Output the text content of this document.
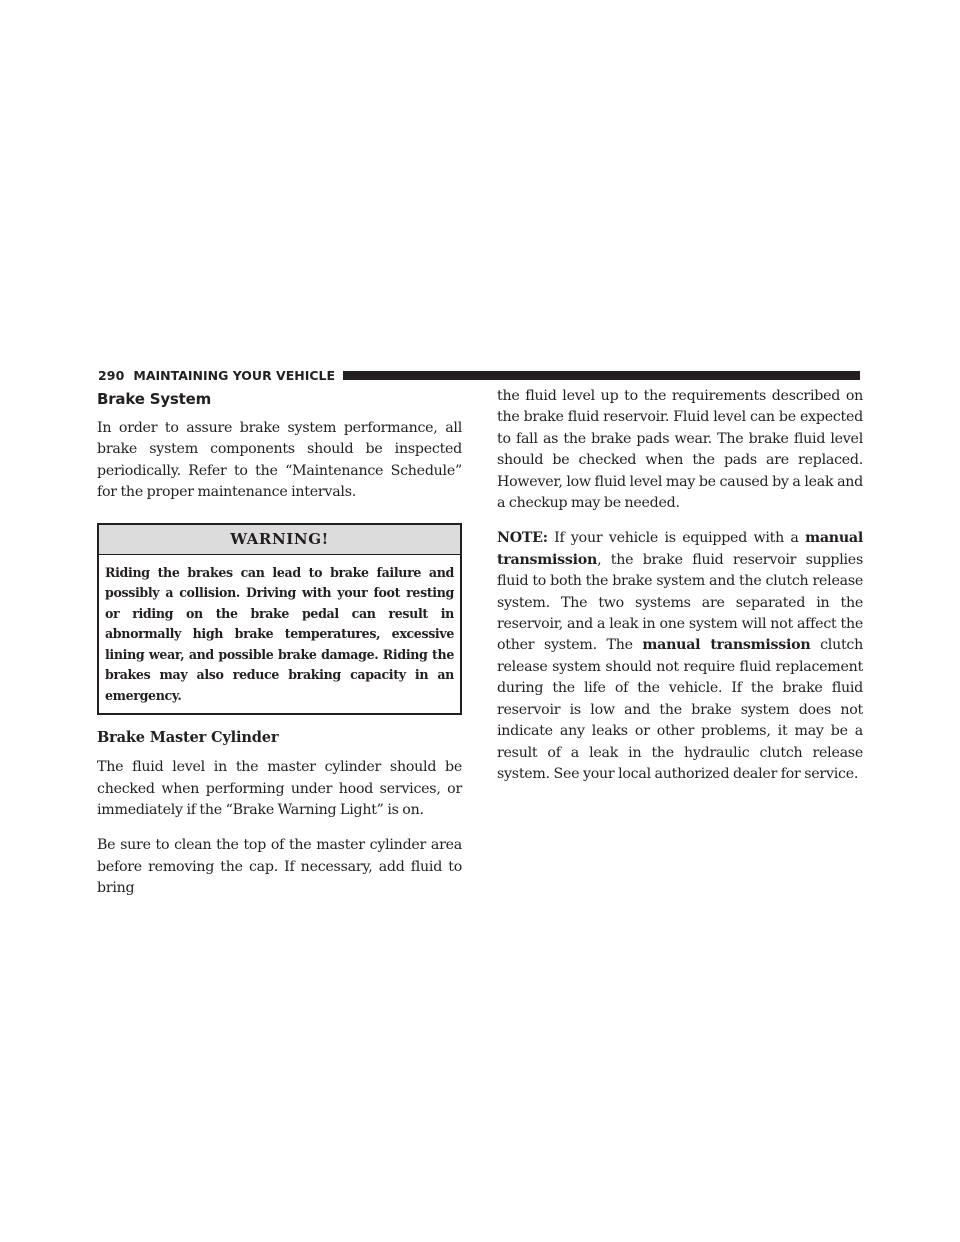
290 MAINTAINING YOUR VEHICLE
Brake System

In order to assure brake system performance, all brake system components should be inspected periodically. Refer to the “Maintenance Schedule” for the proper maintenance intervals.

WARNING!
Riding the brakes can lead to brake failure and possibly a collision. Driving with your foot resting or riding on the brake pedal can result in abnormally high brake temperatures, excessive lining wear, and possible brake damage. Riding the brakes may also reduce braking capacity in an emergency.
Brake Master Cylinder

The fluid level in the master cylinder should be checked when performing under hood services, or immediately if the “Brake Warning Light” is on.

Be sure to clean the top of the master cylinder area before removing the cap. If necessary, add fluid to bring

the fluid level up to the requirements described on the brake fluid reservoir. Fluid level can be expected to fall as the brake pads wear. The brake fluid level should be checked when the pads are replaced. However, low fluid level may be caused by a leak and a checkup may be needed.

NOTE: If your vehicle is equipped with a manual transmission, the brake fluid reservoir supplies fluid to both the brake system and the clutch release system. The two systems are separated in the reservoir, and a leak in one system will not affect the other system. The manual transmission clutch release system should not require fluid replacement during the life of the vehicle. If the brake fluid reservoir is low and the brake system does not indicate any leaks or other problems, it may be a result of a leak in the hydraulic clutch release system. See your local authorized dealer for service.
